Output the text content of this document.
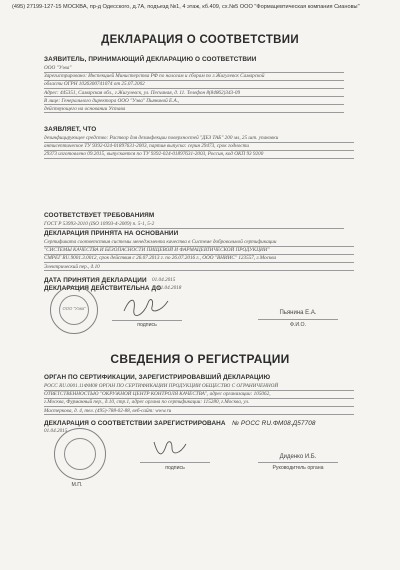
(495) 27199-127-15 МОСКВА, пр-д Одесского, д.7А, подъезд №1, 4 этаж, кб.409, сх.№5 ООО "Формацевтическая компания Сиановы"
ДЕКЛАРАЦИЯ О СООТВЕТСТВИИ
ЗАЯВИТЕЛЬ, ПРИНИМАЮЩИЙ ДЕКЛАРАЦИЮ О СООТВЕТСТВИИ
ООО "Уэва"
Зарегистрировано: Инспекцией Министерства РФ по налогам и сборам по г.Жигулевск Самарской
области ОГРН 1026300741074 от 25.07.2002
Адрес: 445351, Самарская обл., г.Жигулевск, ул. Песчаная, д. 11. Телефон 8(84862)343-09
В лице: Генерального директора ООО "Уэва" Пьяниной Е.А.,
действующего на основании Устава
ЗАЯВЛЯЕТ, ЧТО
дезинфицирующее средство: Раствор для дезинфекции поверхностей "ДЕЗ ТАБ" 200 мл, 25 шт. упаковки
антисептическое ТУ 9392-024-01897631-2003, партия выпуска: серия 29473, срок годности
29373 изготовлено 09.2015, выпускается по ТУ 9392-024-01897631-2003, Россия, код ОКП 93 9200
СООТВЕТСТВУЕТ ТРЕБОВАНИЯМ
ГОСТ Р 53993-2010 (ISO 10993-4-2009) п. 5-1, 5-2
ДЕКЛАРАЦИЯ ПРИНЯТА НА ОСНОВАНИИ
Сертификата соответствия системы менеджмента качества в Системе добровольной сертификации
"СИСТЕМЫ КАЧЕСТВА И БЕЗОПАСНОСТИ ПИЩЕВОЙ И ФАРМАЦЕВТИЧЕСКОЙ ПРОДУКЦИИ"
СМРЕГ RU.9001.3.0012, срок действия с 26.07.2013 г. по 26.07.2016 г., ООО "ВНИИС" 123557, г.Москва
Электрический пер., д.10
ДАТА ПРИНЯТИЯ ДЕКЛАРАЦИИ 01.04.2015
ДЕКЛАРАЦИЯ ДЕЙСТВИТЕЛЬНА ДО
01.04.2018
подпись
Пьянина Е.А.
Ф.И.О.
ООО "Уэва"
СВЕДЕНИЯ О РЕГИСТРАЦИИ
ОРГАН ПО СЕРТИФИКАЦИИ, ЗАРЕГИСТРИРОВАВШИЙ ДЕКЛАРАЦИЮ
РОСС RU.0001.11ФМ08 ОРГАН ПО СЕРТИФИКАЦИИ ПРОДУКЦИИ ОБЩЕСТВО С ОГРАНИЧЕННОЙ
ОТВЕТСТВЕННОСТЬЮ "ОКРУЖНОЙ ЦЕНТР КОНТРОЛЯ КАЧЕСТВА", адрес организации: 105062,
г.Москва, Фурманный пер., д.10, стр.1, адрес органа по сертификации: 115280, г.Москва, ул.
Мастеркова, д. 4, тел. (495)-788-02-88, веб-сайт: www.ru
ДЕКЛАРАЦИЯ О СООТВЕТСТВИИ ЗАРЕГИСТРИРОВАНА № РОСС RU.ФМ08.Д57708
01.04.2015
подпись
Диденко И.Б.
Руководитель органа
М.П.
